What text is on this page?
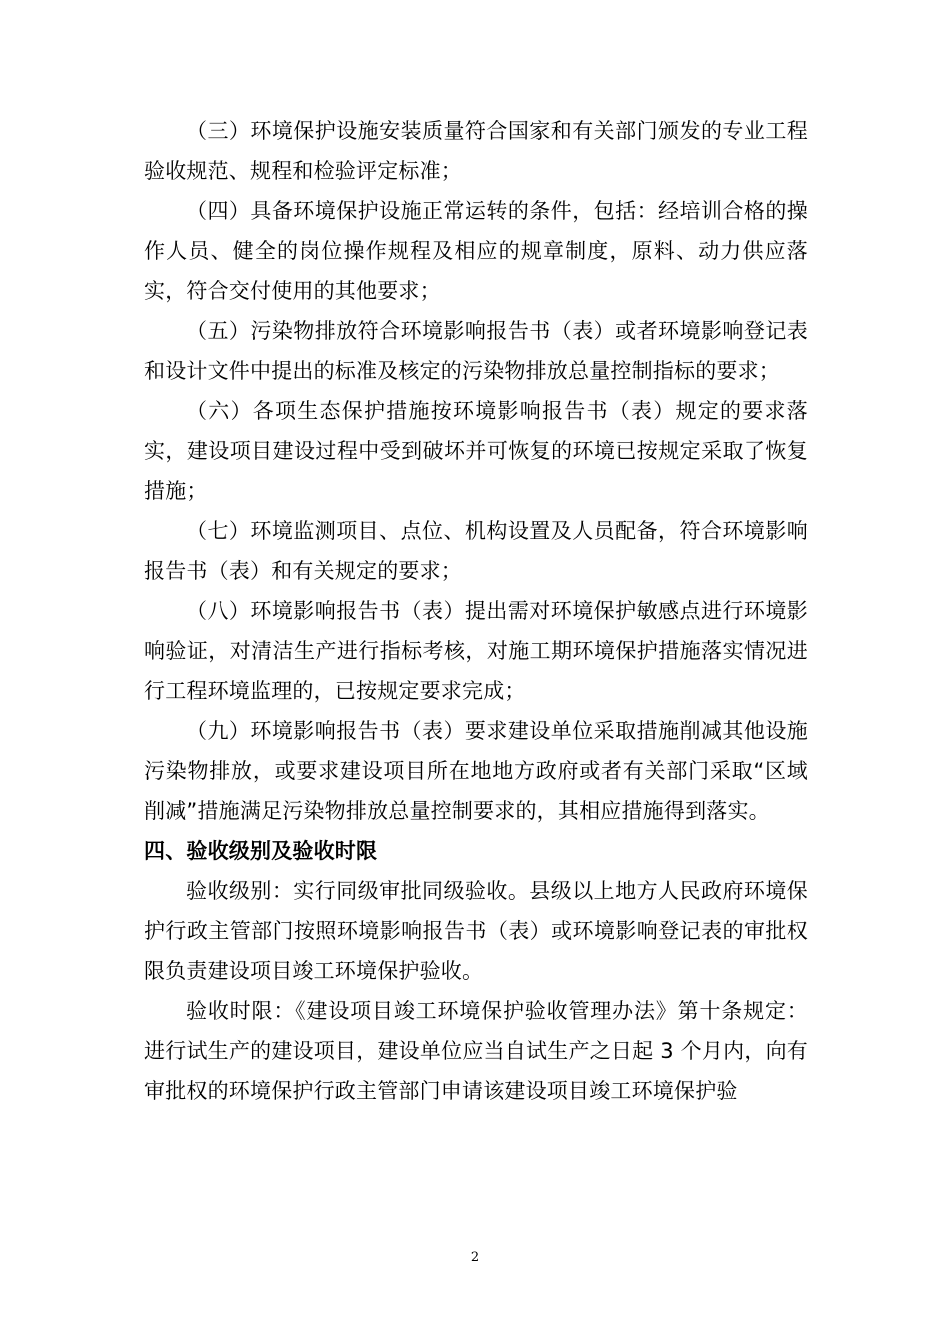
（三）环境保护设施安装质量符合国家和有关部门颁发的专业工程验收规范、规程和检验评定标准；

（四）具备环境保护设施正常运转的条件，包括：经培训合格的操作人员、健全的岗位操作规程及相应的规章制度，原料、动力供应落实，符合交付使用的其他要求；

（五）污染物排放符合环境影响报告书（表）或者环境影响登记表和设计文件中提出的标准及核定的污染物排放总量控制指标的要求；

（六）各项生态保护措施按环境影响报告书（表）规定的要求落实，建设项目建设过程中受到破坏并可恢复的环境已按规定采取了恢复措施；

（七）环境监测项目、点位、机构设置及人员配备，符合环境影响报告书（表）和有关规定的要求；

（八）环境影响报告书（表）提出需对环境保护敏感点进行环境影响验证，对清洁生产进行指标考核，对施工期环境保护措施落实情况进行工程环境监理的，已按规定要求完成；

（九）环境影响报告书（表）要求建设单位采取措施削减其他设施污染物排放，或要求建设项目所在地地方政府或者有关部门采取“区域削减”措施满足污染物排放总量控制要求的，其相应措施得到落实。

四、验收级别及验收时限

验收级别：实行同级审批同级验收。县级以上地方人民政府环境保护行政主管部门按照环境影响报告书（表）或环境影响登记表的审批权限负责建设项目竣工环境保护验收。

验收时限：《建设项目竣工环境保护验收管理办法》第十条规定：进行试生产的建设项目，建设单位应当自试生产之日起 3 个月内，向有审批权的环境保护行政主管部门申请该建设项目竣工环境保护验

2
